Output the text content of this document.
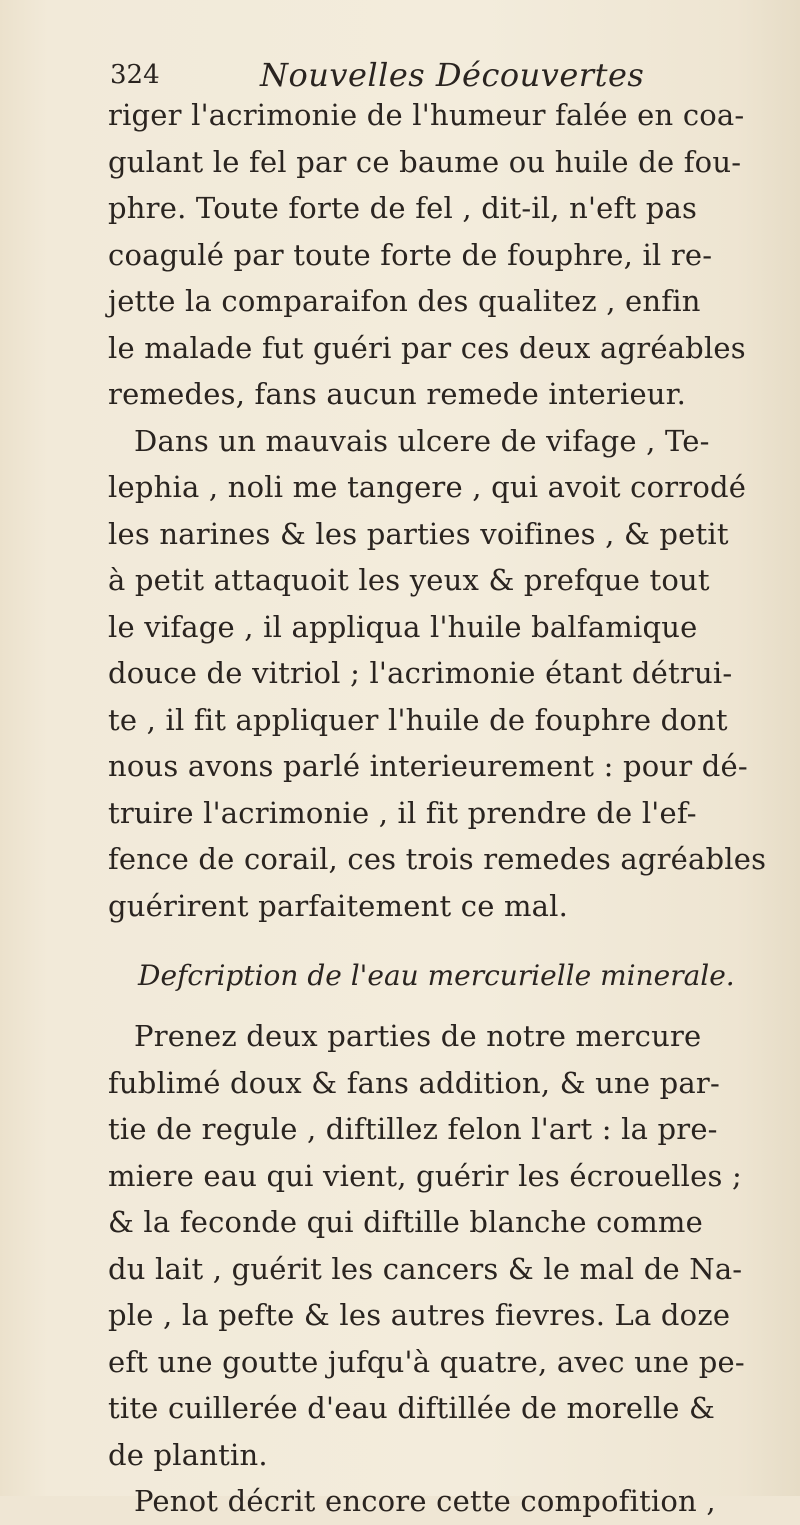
324	Nouvelles Découvertes
riger l'acrimonie de l'humeur falée en coa-
gulant le fel par ce baume ou huile de fou-
phre. Toute forte de fel , dit-il, n'eft pas
coagulé par toute forte de fouphre, il re-
jette la comparaifon des qualitez , enfin
le malade fut guéri par ces deux agréables
remedes, fans aucun remede interieur.
Dans un mauvais ulcere de vifage , Te-
lephia , noli me tangere , qui avoit corrodé
les narines & les parties voifines , & petit
à petit attaquoit les yeux & prefque tout
le vifage , il appliqua l'huile balfamique
douce de vitriol ; l'acrimonie étant détrui-
te , il fit appliquer l'huile de fouphre dont
nous avons parlé interieurement : pour dé-
truire l'acrimonie , il fit prendre de l'ef-
fence de corail, ces trois remedes agréables
guérirent parfaitement ce mal.
Defcription de l'eau mercurielle minerale.
Prenez deux parties de notre mercure
fublimé doux & fans addition, & une par-
tie de regule , diftillez felon l'art : la pre-
miere eau qui vient, guérir les écrouelles ;
& la feconde qui diftille blanche comme
du lait , guérit les cancers & le mal de Na-
ple , la pefte & les autres fievres. La doze
eft une goutte jufqu'à quatre, avec une pe-
tite cuillerée d'eau diftillée de morelle &
de plantin.
Penot décrit encore cette compofition ,
